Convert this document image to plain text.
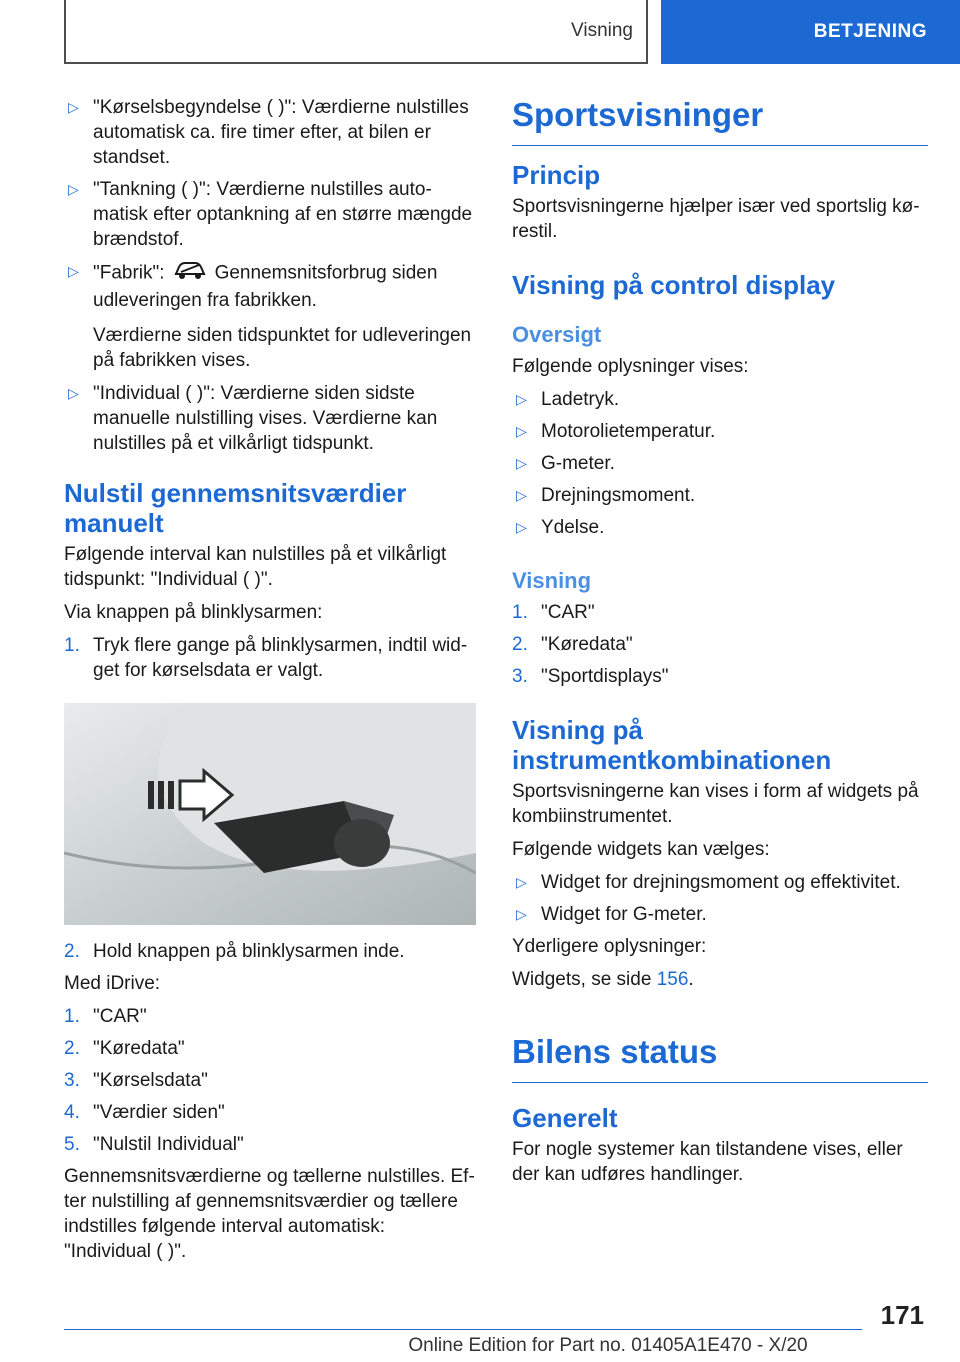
Visning	BETJENING
▷ "Kørselsbegyndelse ( )": Værdierne nulstilles automatisk ca. fire timer efter, at bilen er standset.
▷ "Tankning ( )": Værdierne nulstilles automatisk efter optankning af en større mængde brændstof.
▷ "Fabrik":	Gennemsnitsforbrug siden udleveringen fra fabrikken.

Værdierne siden tidspunktet for udleveringen på fabrikken vises.

▷ "Individual ( )": Værdierne siden sidste manuelle nulstilling vises. Værdierne kan nulstilles på et vilkårligt tidspunkt.
Nulstil gennemsnitsværdier manuelt

Følgende interval kan nulstilles på et vilkårligt tidspunkt: "Individual ( )".

Via knappen på blinklysarmen:

1. Tryk flere gange på blinklysarmen, indtil widget for kørselsdata er valgt.
2. Hold knappen på blinklysarmen inde.

Med iDrive:

1. "CAR"
2. "Køredata"
3. "Kørselsdata"
4. "Værdier siden"
5. "Nulstil Individual"

Gennemsnitsværdierne og tællerne nulstilles. Efter nulstilling af gennemsnitsværdier og tællere indstilles følgende interval automatisk: "Individual ( )".

Sportsvisninger
Princip

Sportsvisningerne hjælper især ved sportslig kørestil.

Visning på control display
Oversigt

Følgende oplysninger vises:

▷ Ladetryk.
▷ Motorolietemperatur.
▷ G-meter.
▷ Drejningsmoment.
▷ Ydelse.
Visning
1. "CAR"
2. "Køredata"
3. "Sportdisplays"
Visning på instrumentkombinationen

Sportsvisningerne kan vises i form af widgets på kombiinstrumentet.

Følgende widgets kan vælges:

▷ Widget for drejningsmoment og effektivitet.
▷ Widget for G-meter.

Yderligere oplysninger:

Widgets, se side 156.

Bilens status
Generelt

For nogle systemer kan tilstandene vises, eller der kan udføres handlinger.

171
Online Edition for Part no. 01405A1E470 - X/20
